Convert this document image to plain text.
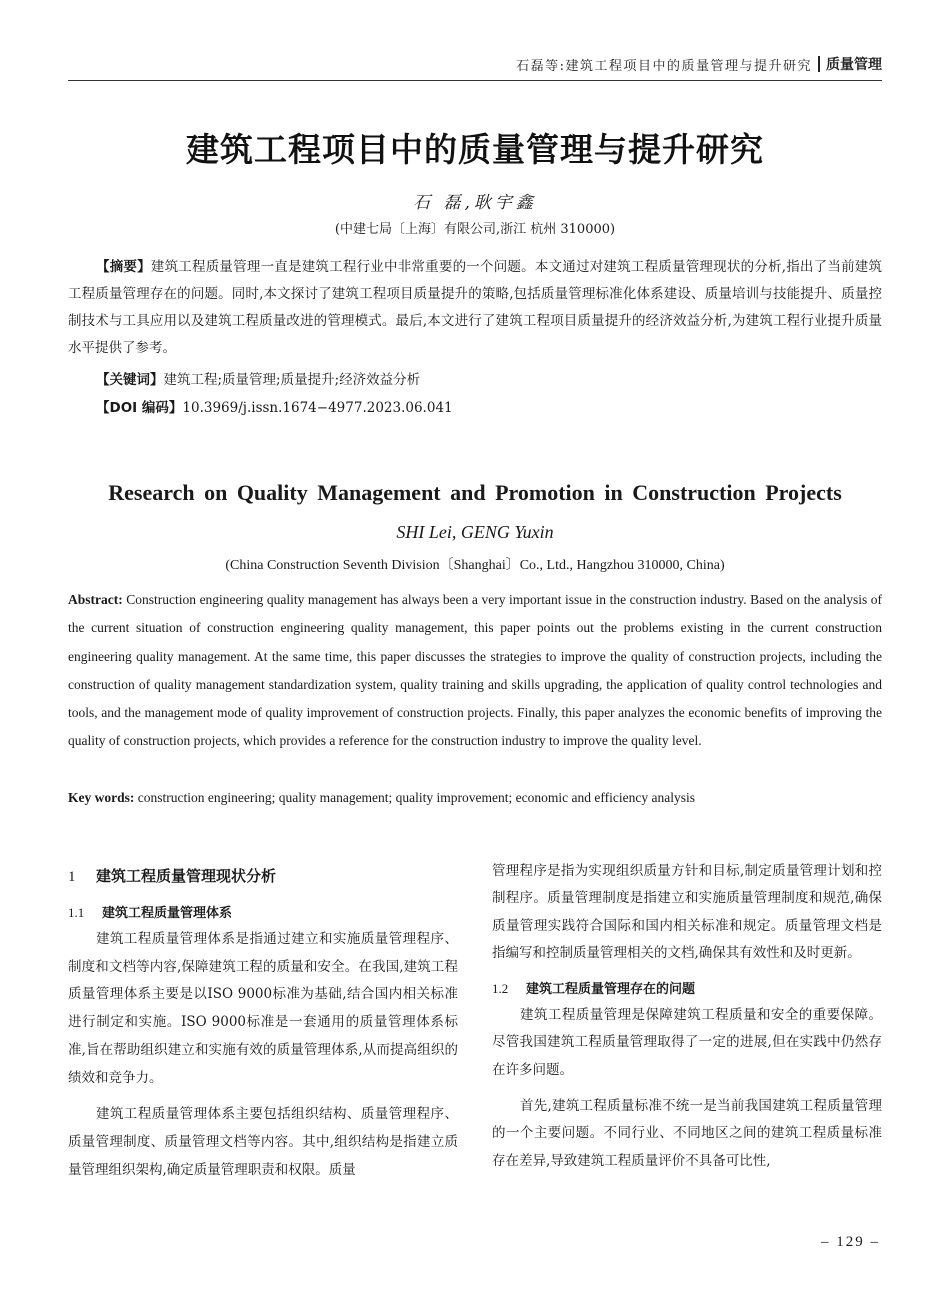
石磊等:建筑工程项目中的质量管理与提升研究 质量管理
建筑工程项目中的质量管理与提升研究
石 磊,耿宇鑫
(中建七局〔上海〕有限公司,浙江 杭州 310000)
【摘要】建筑工程质量管理一直是建筑工程行业中非常重要的一个问题。本文通过对建筑工程质量管理现状的分析,指出了当前建筑工程质量管理存在的问题。同时,本文探讨了建筑工程项目质量提升的策略,包括质量管理标准化体系建设、质量培训与技能提升、质量控制技术与工具应用以及建筑工程质量改进的管理模式。最后,本文进行了建筑工程项目质量提升的经济效益分析,为建筑工程行业提升质量水平提供了参考。
【关键词】建筑工程;质量管理;质量提升;经济效益分析
【DOI 编码】10.3969/j.issn.1674−4977.2023.06.041
Research on Quality Management and Promotion in Construction Projects
SHI Lei, GENG Yuxin
(China Construction Seventh Division〔Shanghai〕Co., Ltd., Hangzhou 310000, China)
Abstract: Construction engineering quality management has always been a very important issue in the construction industry. Based on the analysis of the current situation of construction engineering quality management, this paper points out the problems existing in the current construction engineering quality management. At the same time, this paper discusses the strategies to improve the quality of construction projects, including the construction of quality management standardization system, quality training and skills upgrading, the application of quality control technologies and tools, and the management mode of quality improvement of construction projects. Finally, this paper analyzes the economic benefits of improving the quality of construction projects, which provides a reference for the construction industry to improve the quality level.
Key words: construction engineering; quality management; quality improvement; economic and efficiency analysis
1 建筑工程质量管理现状分析
1.1 建筑工程质量管理体系

建筑工程质量管理体系是指通过建立和实施质量管理程序、制度和文档等内容,保障建筑工程的质量和安全。在我国,建筑工程质量管理体系主要是以ISO 9000标准为基础,结合国内相关标准进行制定和实施。ISO 9000标准是一套通用的质量管理体系标准,旨在帮助组织建立和实施有效的质量管理体系,从而提高组织的绩效和竞争力。

建筑工程质量管理体系主要包括组织结构、质量管理程序、质量管理制度、质量管理文档等内容。其中,组织结构是指建立质量管理组织架构,确定质量管理职责和权限。质量

管理程序是指为实现组织质量方针和目标,制定质量管理计划和控制程序。质量管理制度是指建立和实施质量管理制度和规范,确保质量管理实践符合国际和国内相关标准和规定。质量管理文档是指编写和控制质量管理相关的文档,确保其有效性和及时更新。

1.2 建筑工程质量管理存在的问题

建筑工程质量管理是保障建筑工程质量和安全的重要保障。尽管我国建筑工程质量管理取得了一定的进展,但在实践中仍然存在许多问题。

首先,建筑工程质量标准不统一是当前我国建筑工程质量管理的一个主要问题。不同行业、不同地区之间的建筑工程质量标准存在差异,导致建筑工程质量评价不具备可比性,

– 129 –
